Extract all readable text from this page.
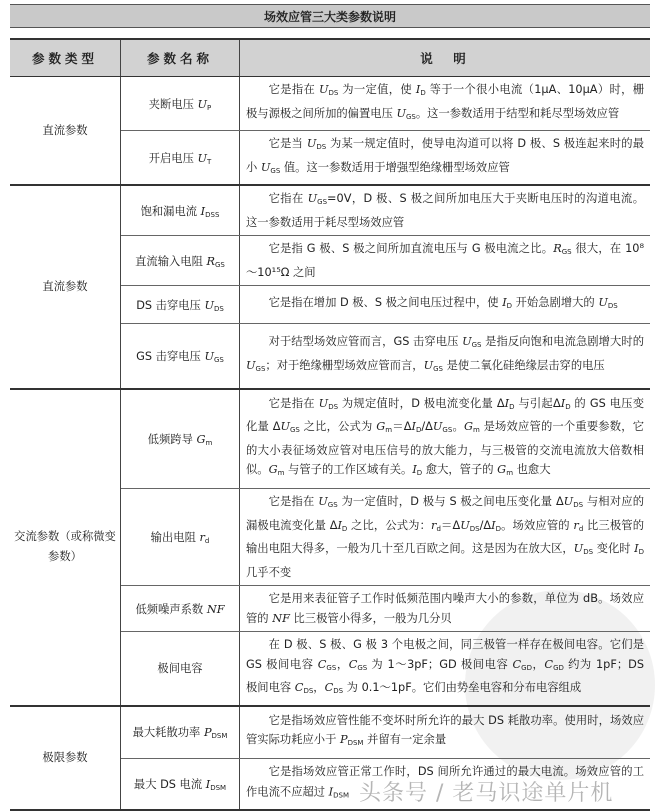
场效应管三大类参数说明
参数类型	参数名称	说　明
直流参数	夹断电压 $U_P$	它是指在 $U_{DS}$ 为一定值，使 $I_D$ 等于一个很小电流（1μA、10μA）时，栅极与源极之间所加的偏置电压 $U_{GS}$。这一参数适用于结型和耗尽型场效应管
	开启电压 $U_T$	它是当 $U_{DS}$ 为某一规定值时，使导电沟道可以将 D 极、S 极连起来时的最小 $U_{GS}$ 值。这一参数适用于增强型绝缘栅型场效应管
直流参数	饱和漏电流 $I_{DSS}$	它指在 $U_{GS}=0V$，D 极、S 极之间所加电压大于夹断电压时的沟道电流。这一参数适用于耗尽型场效应管
	直流输入电阻 $R_{GS}$	它是指 G 极、S 极之间所加直流电压与 G 极电流之比。$R_{GS}$ 很大，在 10⁸～10¹⁵Ω 之间
	DS 击穿电压 $U_{DS}$	它是指在增加 D 极、S 极之间电压过程中，使 $I_D$ 开始急剧增大的 $U_{DS}$
	GS 击穿电压 $U_{GS}$	对于结型场效应管而言，GS 击穿电压 $U_{GS}$ 是指反向饱和电流急剧增大时的 $U_{GS}$；对于绝缘栅型场效应管而言，$U_{GS}$ 是使二氧化硅绝缘层击穿的电压
交流参数（或称微变参数）	低频跨导 $G_m$	它是指在 $U_{DS}$ 为规定值时，D 极电流变化量 $\Delta I_D$ 与引起$\Delta I_D$ 的 GS 电压变化量 $\Delta U_{GS}$ 之比，公式为 $G_m=\Delta I_D/\Delta U_{GS}$。$G_m$ 是场效应管的一个重要参数，它的大小表征场效应管对电压信号的放大能力，与三极管的交流电流放大倍数相似。$G_m$ 与管子的工作区域有关。$I_D$ 愈大，管子的 $G_m$ 也愈大
	输出电阻 $r_d$	它是指在 $U_{GS}$ 为一定值时，D 极与 S 极之间电压变化量 $\Delta U_{DS}$ 与相对应的漏极电流变化量 $\Delta I_D$ 之比，公式为：$r_d=\Delta U_{DS}/\Delta I_D$。场效应管的 $r_d$ 比三极管的输出电阻大得多，一般为几十至几百欧之间。这是因为在放大区，$U_{DS}$ 变化时 $I_D$ 几乎不变
	低频噪声系数 NF	它是用来表征管子工作时低频范围内噪声大小的参数，单位为 dB。场效应管的 NF 比三极管小得多，一般为几分贝
	极间电容	在 D 极、S 极、G 极 3 个电极之间，同三极管一样存在极间电容。它们是 GS 极间电容 $C_{GS}$，$C_{GS}$ 为 1～3pF；GD 极间电容 $C_{GD}$，$C_{GD}$ 约为 1pF；DS 极间电容 $C_{DS}$，$C_{DS}$ 为 0.1～1pF。它们由势垒电容和分布电容组成
极限参数	最大耗散功率 $P_{DSM}$	它是指场效应管性能不变坏时所允许的最大 DS 耗散功率。使用时，场效应管实际功耗应小于 $P_{DSM}$ 并留有一定余量
	最大 DS 电流 $I_{DSM}$	它是指场效应管正常工作时，DS 间所允许通过的最大电流。场效应管的工作电流不应超过 $I_{DSM}$ 头条号 / 老马识途单片机
